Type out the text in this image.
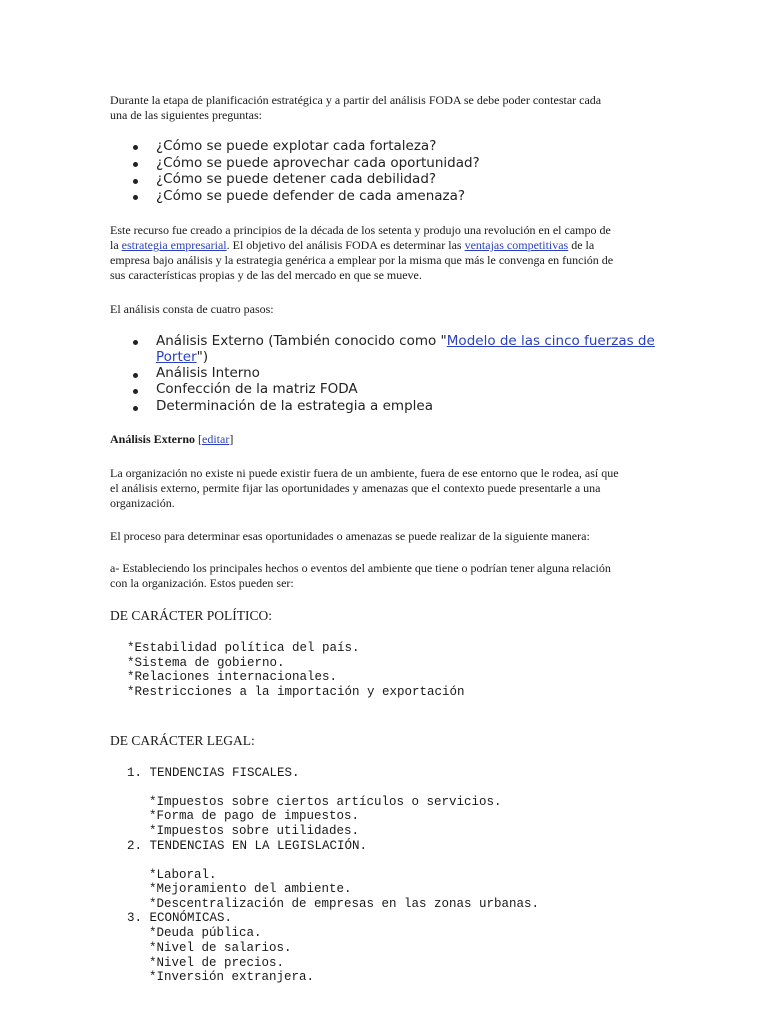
Durante la etapa de planificación estratégica y a partir del análisis FODA se debe poder contestar cada
una de las siguientes preguntas:
¿Cómo se puede explotar cada fortaleza?
¿Cómo se puede aprovechar cada oportunidad?
¿Cómo se puede detener cada debilidad?
¿Cómo se puede defender de cada amenaza?
Este recurso fue creado a principios de la década de los setenta y produjo una revolución en el campo de
la estrategia empresarial. El objetivo del análisis FODA es determinar las ventajas competitivas de la
empresa bajo análisis y la estrategia genérica a emplear por la misma que más le convenga en función de
sus características propias y de las del mercado en que se mueve.
El análisis consta de cuatro pasos:
Análisis Externo (También conocido como "Modelo de las cinco fuerzas de
Porter")
Análisis Interno
Confección de la matriz FODA
Determinación de la estrategia a emplea
Análisis Externo [editar]
La organización no existe ni puede existir fuera de un ambiente, fuera de ese entorno que le rodea, así que
el análisis externo, permite fijar las oportunidades y amenazas que el contexto puede presentarle a una
organización.
El proceso para determinar esas oportunidades o amenazas se puede realizar de la siguiente manera:
a- Estableciendo los principales hechos o eventos del ambiente que tiene o podrían tener alguna relación
con la organización. Estos pueden ser:
DE CARÁCTER POLÍTICO:
*Estabilidad política del país.
*Sistema de gobierno.
*Relaciones internacionales.
*Restricciones a la importación y exportación
DE CARÁCTER LEGAL:
1. TENDENCIAS FISCALES.
*Impuestos sobre ciertos artículos o servicios.
*Forma de pago de impuestos.
*Impuestos sobre utilidades.
2. TENDENCIAS EN LA LEGISLACIÓN.
*Laboral.
*Mejoramiento del ambiente.
*Descentralización de empresas en las zonas urbanas.
3. ECONÓMICAS.
*Deuda pública.
*Nivel de salarios.
*Nivel de precios.
*Inversión extranjera.
